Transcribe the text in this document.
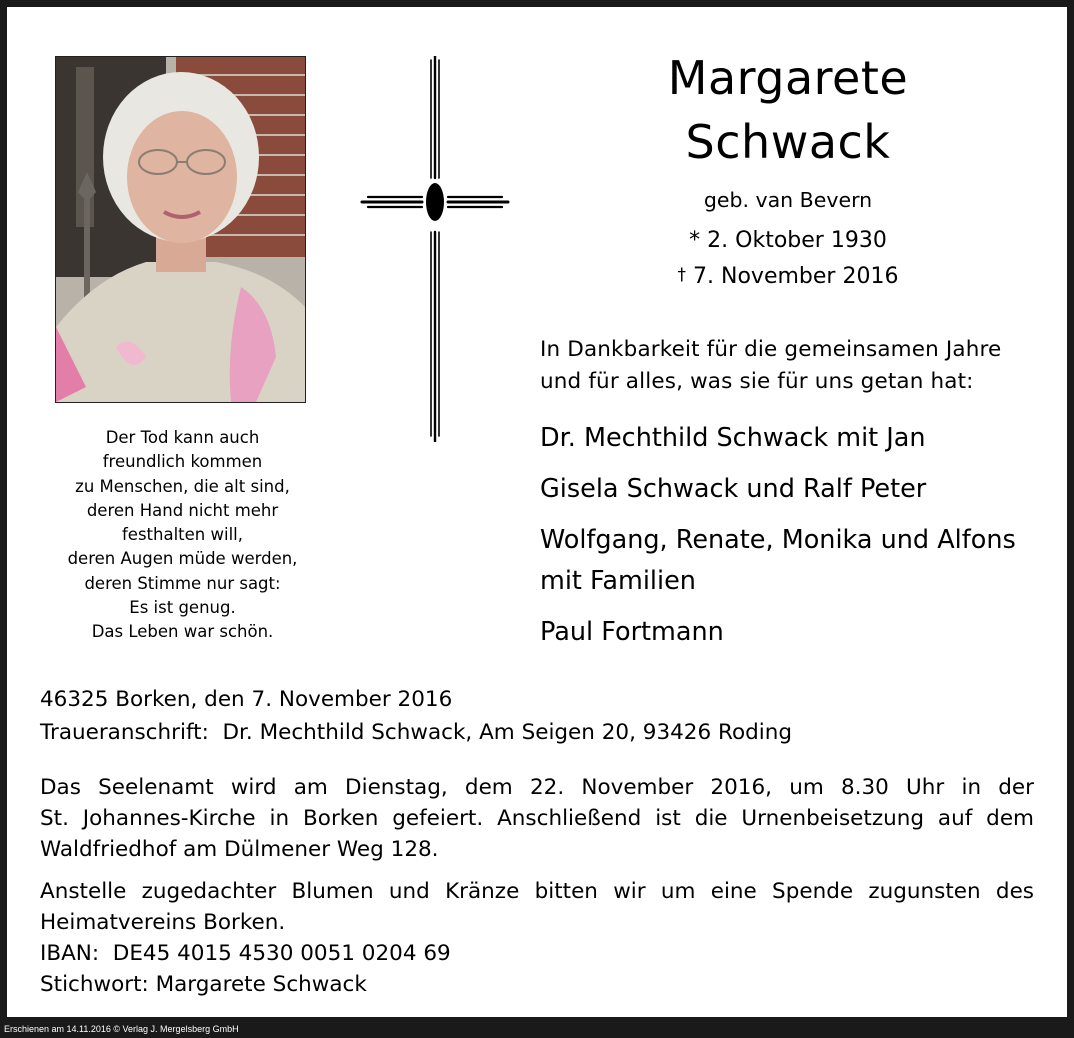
Der Tod kann auch
freundlich kommen
zu Menschen, die alt sind,
deren Hand nicht mehr
festhalten will,
deren Augen müde werden,
deren Stimme nur sagt:
Es ist genug.
Das Leben war schön.
Margarete
Schwack
geb. van Bevern
* 2. Oktober 1930
† 7. November 2016
In Dankbarkeit für die gemeinsamen Jahre
und für alles, was sie für uns getan hat:
Dr. Mechthild Schwack mit Jan
Gisela Schwack und Ralf Peter
Wolfgang, Renate, Monika und Alfons
mit Familien
Paul Fortmann
46325 Borken, den 7. November 2016
Traueranschrift: Dr. Mechthild Schwack, Am Seigen 20, 93426 Roding
Das Seelenamt wird am Dienstag, dem 22. November 2016, um 8.30 Uhr in der
St. Johannes-Kirche in Borken gefeiert. Anschließend ist die Urnenbeisetzung auf dem
Waldfriedhof am Dülmener Weg 128.
Anstelle zugedachter Blumen und Kränze bitten wir um eine Spende zugunsten des
Heimatvereins Borken.
IBAN: DE45 4015 4530 0051 0204 69
Stichwort: Margarete Schwack
Erschienen am 14.11.2016 © Verlag J. Mergelsberg GmbH
